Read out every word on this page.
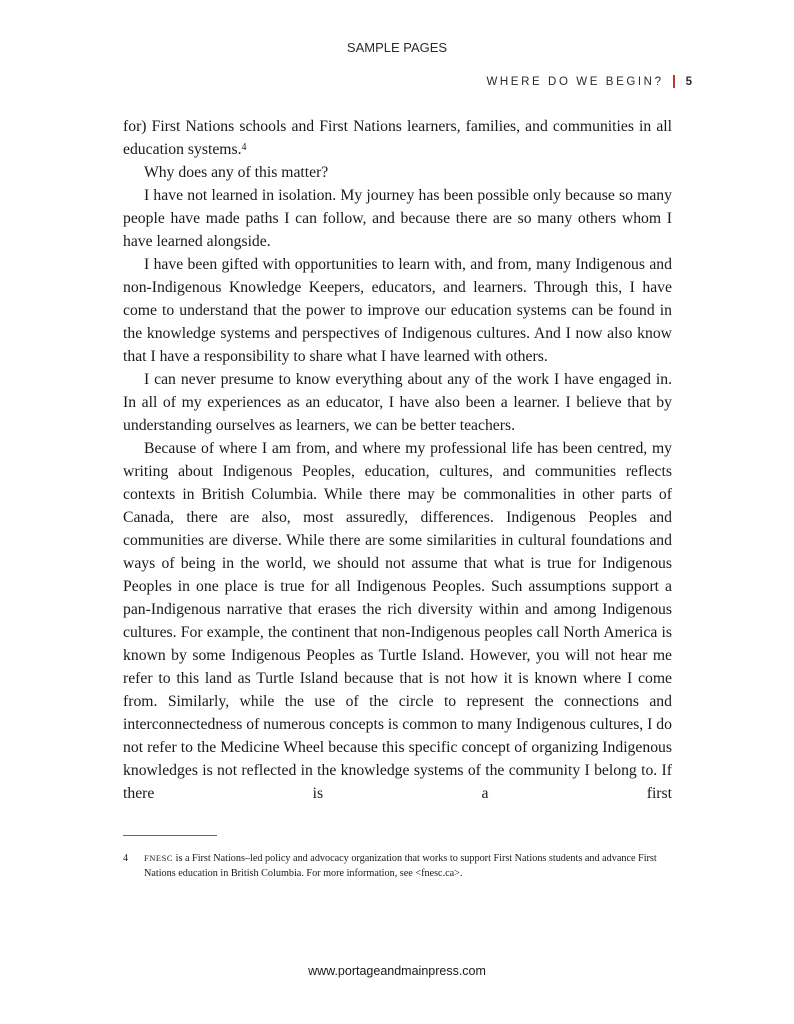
SAMPLE PAGES
WHERE DO WE BEGIN? 5

for) First Nations schools and First Nations learners, families, and communities in all education systems.$^4$

Why does any of this matter?

I have not learned in isolation. My journey has been possible only because so many people have made paths I can follow, and because there are so many others whom I have learned alongside.

I have been gifted with opportunities to learn with, and from, many Indigenous and non-Indigenous Knowledge Keepers, educators, and learners. Through this, I have come to understand that the power to improve our education systems can be found in the knowledge systems and perspectives of Indigenous cultures. And I now also know that I have a responsibility to share what I have learned with others.

I can never presume to know everything about any of the work I have engaged in. In all of my experiences as an educator, I have also been a learner. I believe that by understanding ourselves as learners, we can be better teachers.

Because of where I am from, and where my professional life has been centred, my writing about Indigenous Peoples, education, cultures, and communities reflects contexts in British Columbia. While there may be commonalities in other parts of Canada, there are also, most assuredly, differences. Indigenous Peoples and communities are diverse. While there are some similarities in cultural foundations and ways of being in the world, we should not assume that what is true for Indigenous Peoples in one place is true for all Indigenous Peoples. Such assumptions support a pan-Indigenous narrative that erases the rich diversity within and among Indigenous cultures. For example, the continent that non-Indigenous peoples call North America is known by some Indigenous Peoples as Turtle Island. However, you will not hear me refer to this land as Turtle Island because that is not how it is known where I come from. Similarly, while the use of the circle to represent the connections and interconnectedness of numerous concepts is common to many Indigenous cultures, I do not refer to the Medicine Wheel because this specific concept of organizing Indigenous knowledges is not reflected in the knowledge systems of the community I belong to. If there is a first

4 FNESC is a First Nations–led policy and advocacy organization that works to support First Nations students and advance First Nations education in British Columbia. For more information, see <fnesc.ca>.
www.portageandmainpress.com
